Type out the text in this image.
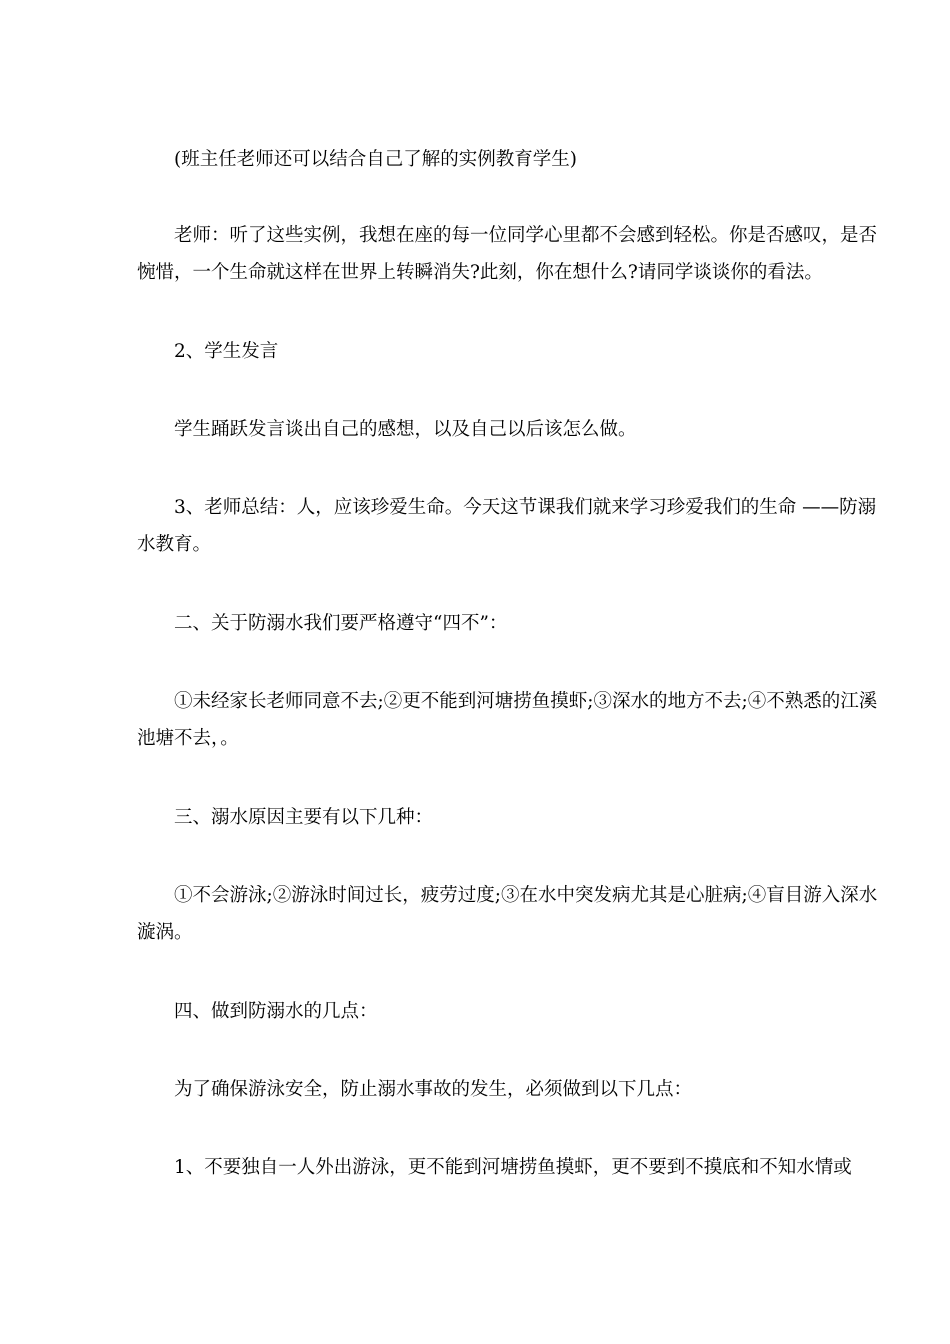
(班主任老师还可以结合自己了解的实例教育学生)

老师：听了这些实例，我想在座的每一位同学心里都不会感到轻松。你是否感叹，是否惋惜，一个生命就这样在世界上转瞬消失?此刻，你在想什么?请同学谈谈你的看法。

2、学生发言

学生踊跃发言谈出自己的感想，以及自己以后该怎么做。

3、老师总结：人，应该珍爱生命。今天这节课我们就来学习珍爱我们的生命 ——防溺水教育。

二、关于防溺水我们要严格遵守“四不”：

①未经家长老师同意不去;②更不能到河塘捞鱼摸虾;③深水的地方不去;④不熟悉的江溪池塘不去，。

三、溺水原因主要有以下几种：

①不会游泳;②游泳时间过长，疲劳过度;③在水中突发病尤其是心脏病;④盲目游入深水漩涡。

四、做到防溺水的几点：

为了确保游泳安全，防止溺水事故的发生，必须做到以下几点：

1、不要独自一人外出游泳，更不能到河塘捞鱼摸虾，更不要到不摸底和不知水情或
